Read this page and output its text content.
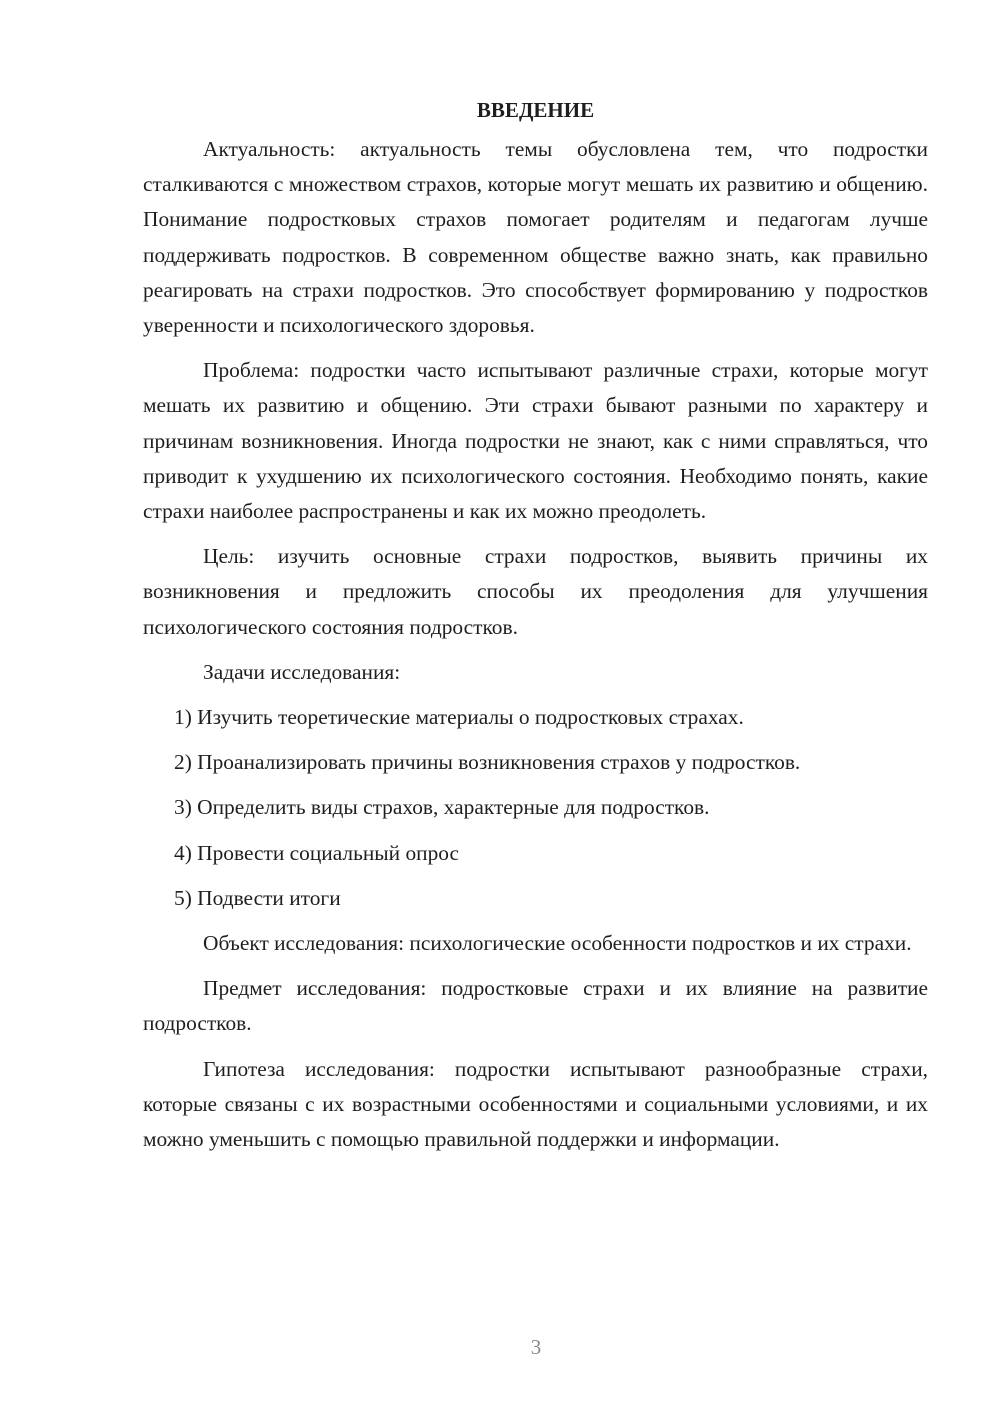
ВВЕДЕНИЕ

Актуальность: актуальность темы обусловлена тем, что подростки сталкиваются с множеством страхов, которые могут мешать их развитию и общению. Понимание подростковых страхов помогает родителям и педагогам лучше поддерживать подростков. В современном обществе важно знать, как правильно реагировать на страхи подростков. Это способствует формированию у подростков уверенности и психологического здоровья.

Проблема: подростки часто испытывают различные страхи, которые могут мешать их развитию и общению. Эти страхи бывают разными по характеру и причинам возникновения. Иногда подростки не знают, как с ними справляться, что приводит к ухудшению их психологического состояния. Необходимо понять, какие страхи наиболее распространены и как их можно преодолеть.

Цель: изучить основные страхи подростков, выявить причины их возникновения и предложить способы их преодоления для улучшения психологического состояния подростков.

Задачи исследования:

1) Изучить теоретические материалы о подростковых страхах.

2) Проанализировать причины возникновения страхов у подростков.

3) Определить виды страхов, характерные для подростков.

4) Провести социальный опрос

5) Подвести итоги

Объект исследования: психологические особенности подростков и их страхи.

Предмет исследования: подростковые страхи и их влияние на развитие подростков.

Гипотеза исследования: подростки испытывают разнообразные страхи, которые связаны с их возрастными особенностями и социальными условиями, и их можно уменьшить с помощью правильной поддержки и информации.

3
